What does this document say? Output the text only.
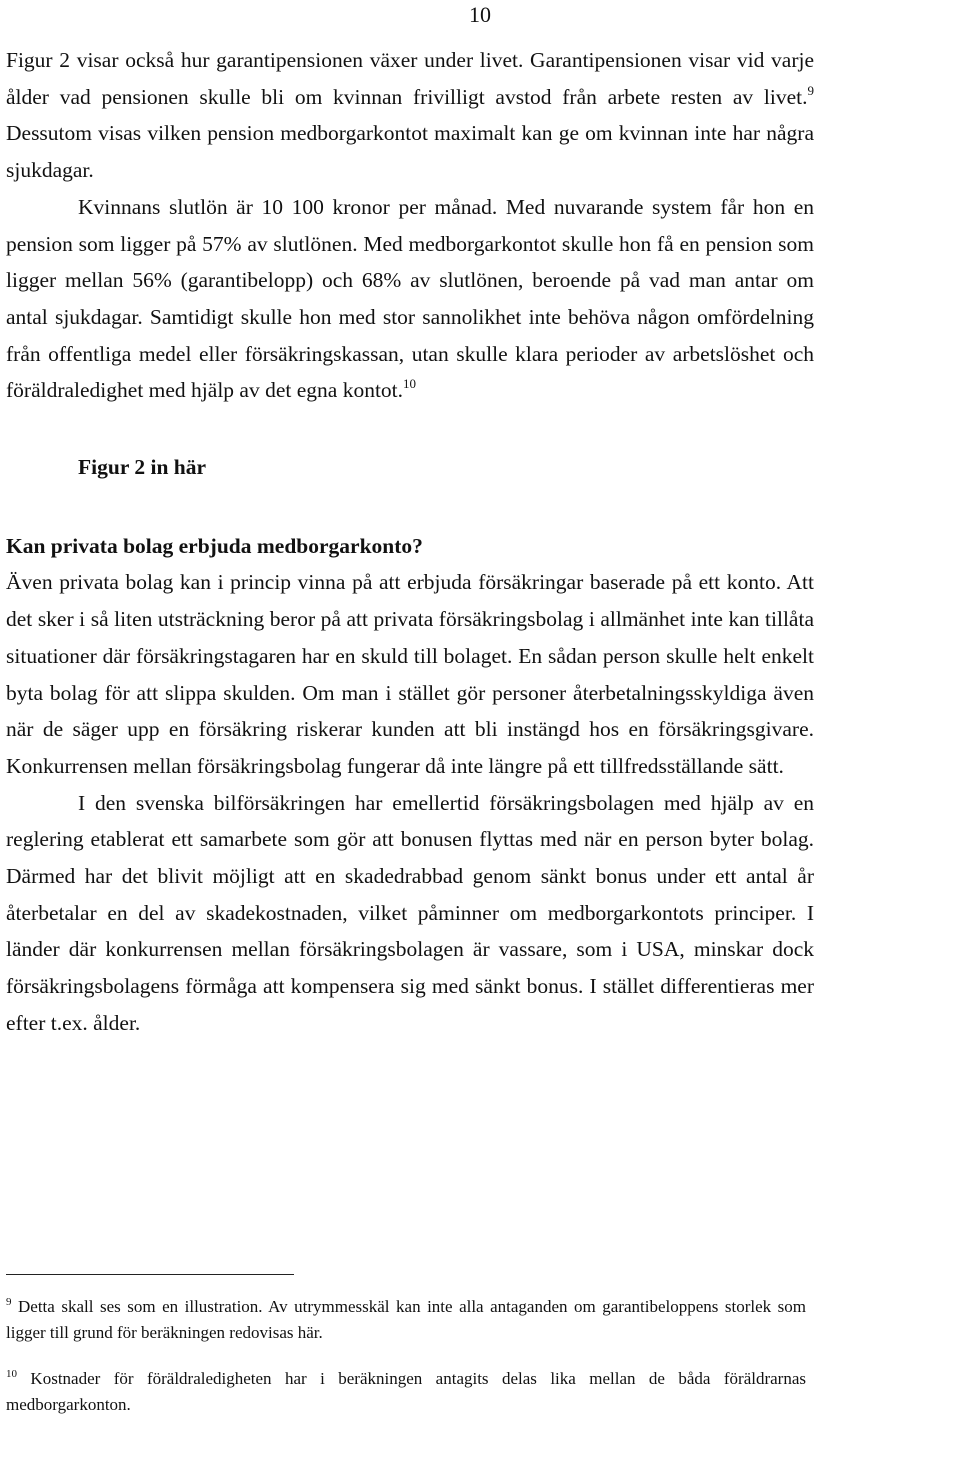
10

Figur 2 visar också hur garantipensionen växer under livet. Garantipensionen visar vid varje ålder vad pensionen skulle bli om kvinnan frivilligt avstod från arbete resten av livet.$^9$ Dessutom visas vilken pension medborgarkontot maximalt kan ge om kvinnan inte har några sjukdagar.

Kvinnans slutlön är 10 100 kronor per månad. Med nuvarande system får hon en pension som ligger på 57% av slutlönen. Med medborgarkontot skulle hon få en pension som ligger mellan 56% (garantibelopp) och 68% av slutlönen, beroende på vad man antar om antal sjukdagar. Samtidigt skulle hon med stor sannolikhet inte behöva någon omfördelning från offentliga medel eller försäkringskassan, utan skulle klara perioder av arbetslöshet och föräldraledighet med hjälp av det egna kontot.$^{10}$

Figur 2 in här

Kan privata bolag erbjuda medborgarkonto?

Även privata bolag kan i princip vinna på att erbjuda försäkringar baserade på ett konto. Att det sker i så liten utsträckning beror på att privata försäkringsbolag i allmänhet inte kan tillåta situationer där försäkringstagaren har en skuld till bolaget. En sådan person skulle helt enkelt byta bolag för att slippa skulden. Om man i stället gör personer återbetalningsskyldiga även när de säger upp en försäkring riskerar kunden att bli instängd hos en försäkringsgivare. Konkurrensen mellan försäkringsbolag fungerar då inte längre på ett tillfredsställande sätt.

I den svenska bilförsäkringen har emellertid försäkringsbolagen med hjälp av en reglering etablerat ett samarbete som gör att bonusen flyttas med när en person byter bolag. Därmed har det blivit möjligt att en skadedrabbad genom sänkt bonus under ett antal år återbetalar en del av skadekostnaden, vilket påminner om medborgarkontots principer. I länder där konkurrensen mellan försäkringsbolagen är vassare, som i USA, minskar dock försäkringsbolagens förmåga att kompensera sig med sänkt bonus. I stället differentieras mer efter t.ex. ålder.

$^9$ Detta skall ses som en illustration. Av utrymmesskäl kan inte alla antaganden om garantibeloppens storlek som ligger till grund för beräkningen redovisas här.

$^{10}$ Kostnader för föräldraledigheten har i beräkningen antagits delas lika mellan de båda föräldrarnas medborgarkonton.
